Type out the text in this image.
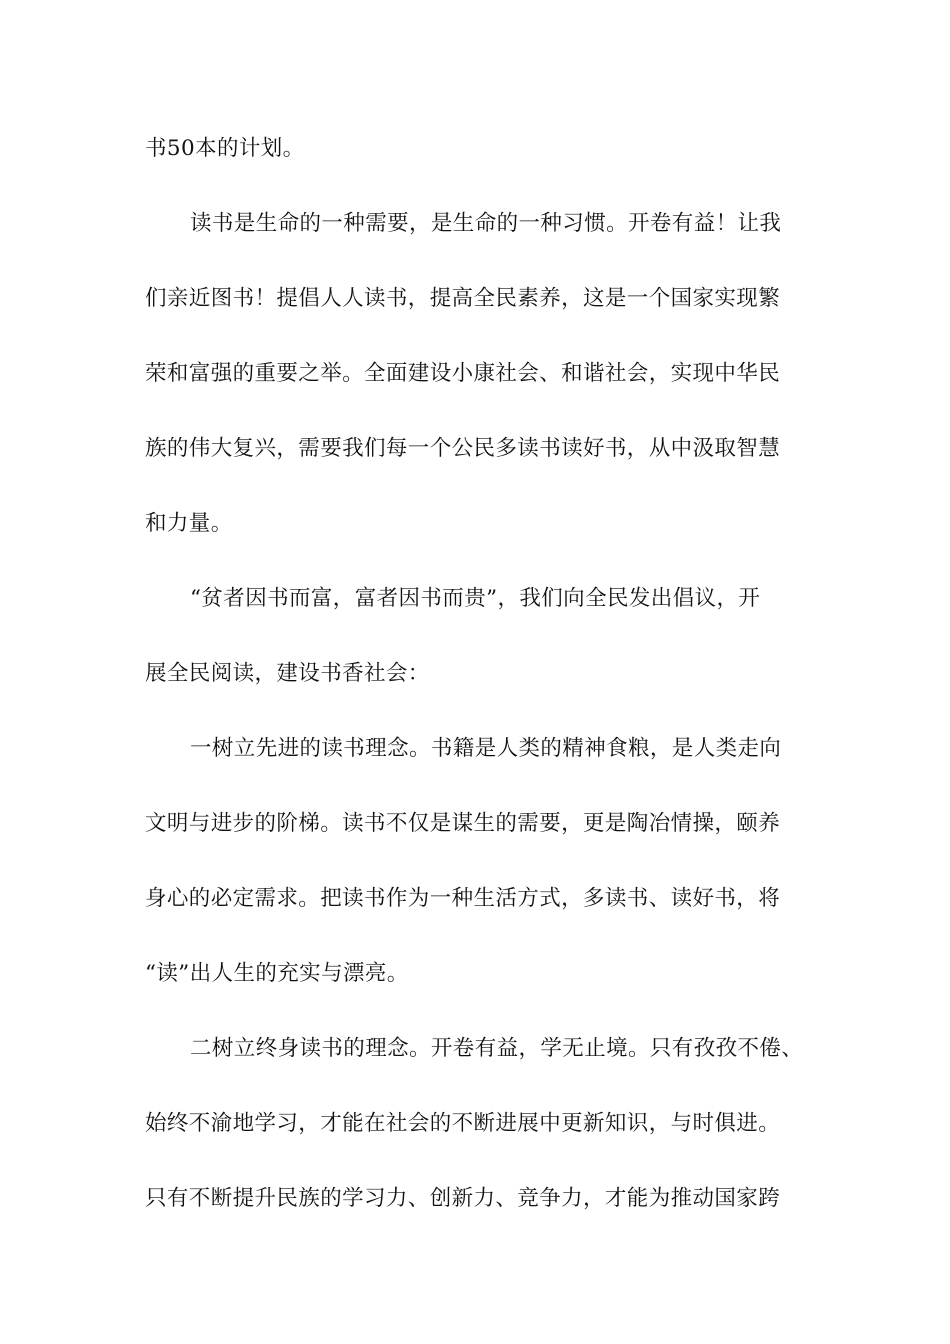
书50本的计划。
读书是生命的一种需要，是生命的一种习惯。开卷有益！让我
们亲近图书！提倡人人读书，提高全民素养，这是一个国家实现繁
荣和富强的重要之举。全面建设小康社会、和谐社会，实现中华民
族的伟大复兴，需要我们每一个公民多读书读好书，从中汲取智慧
和力量。
“贫者因书而富，富者因书而贵”，我们向全民发出倡议，开
展全民阅读，建设书香社会：
一树立先进的读书理念。书籍是人类的精神食粮，是人类走向
文明与进步的阶梯。读书不仅是谋生的需要，更是陶冶情操，颐养
身心的必定需求。把读书作为一种生活方式，多读书、读好书，将
“读”出人生的充实与漂亮。
二树立终身读书的理念。开卷有益，学无止境。只有孜孜不倦、
始终不渝地学习，才能在社会的不断进展中更新知识，与时俱进。
只有不断提升民族的学习力、创新力、竞争力，才能为推动国家跨
